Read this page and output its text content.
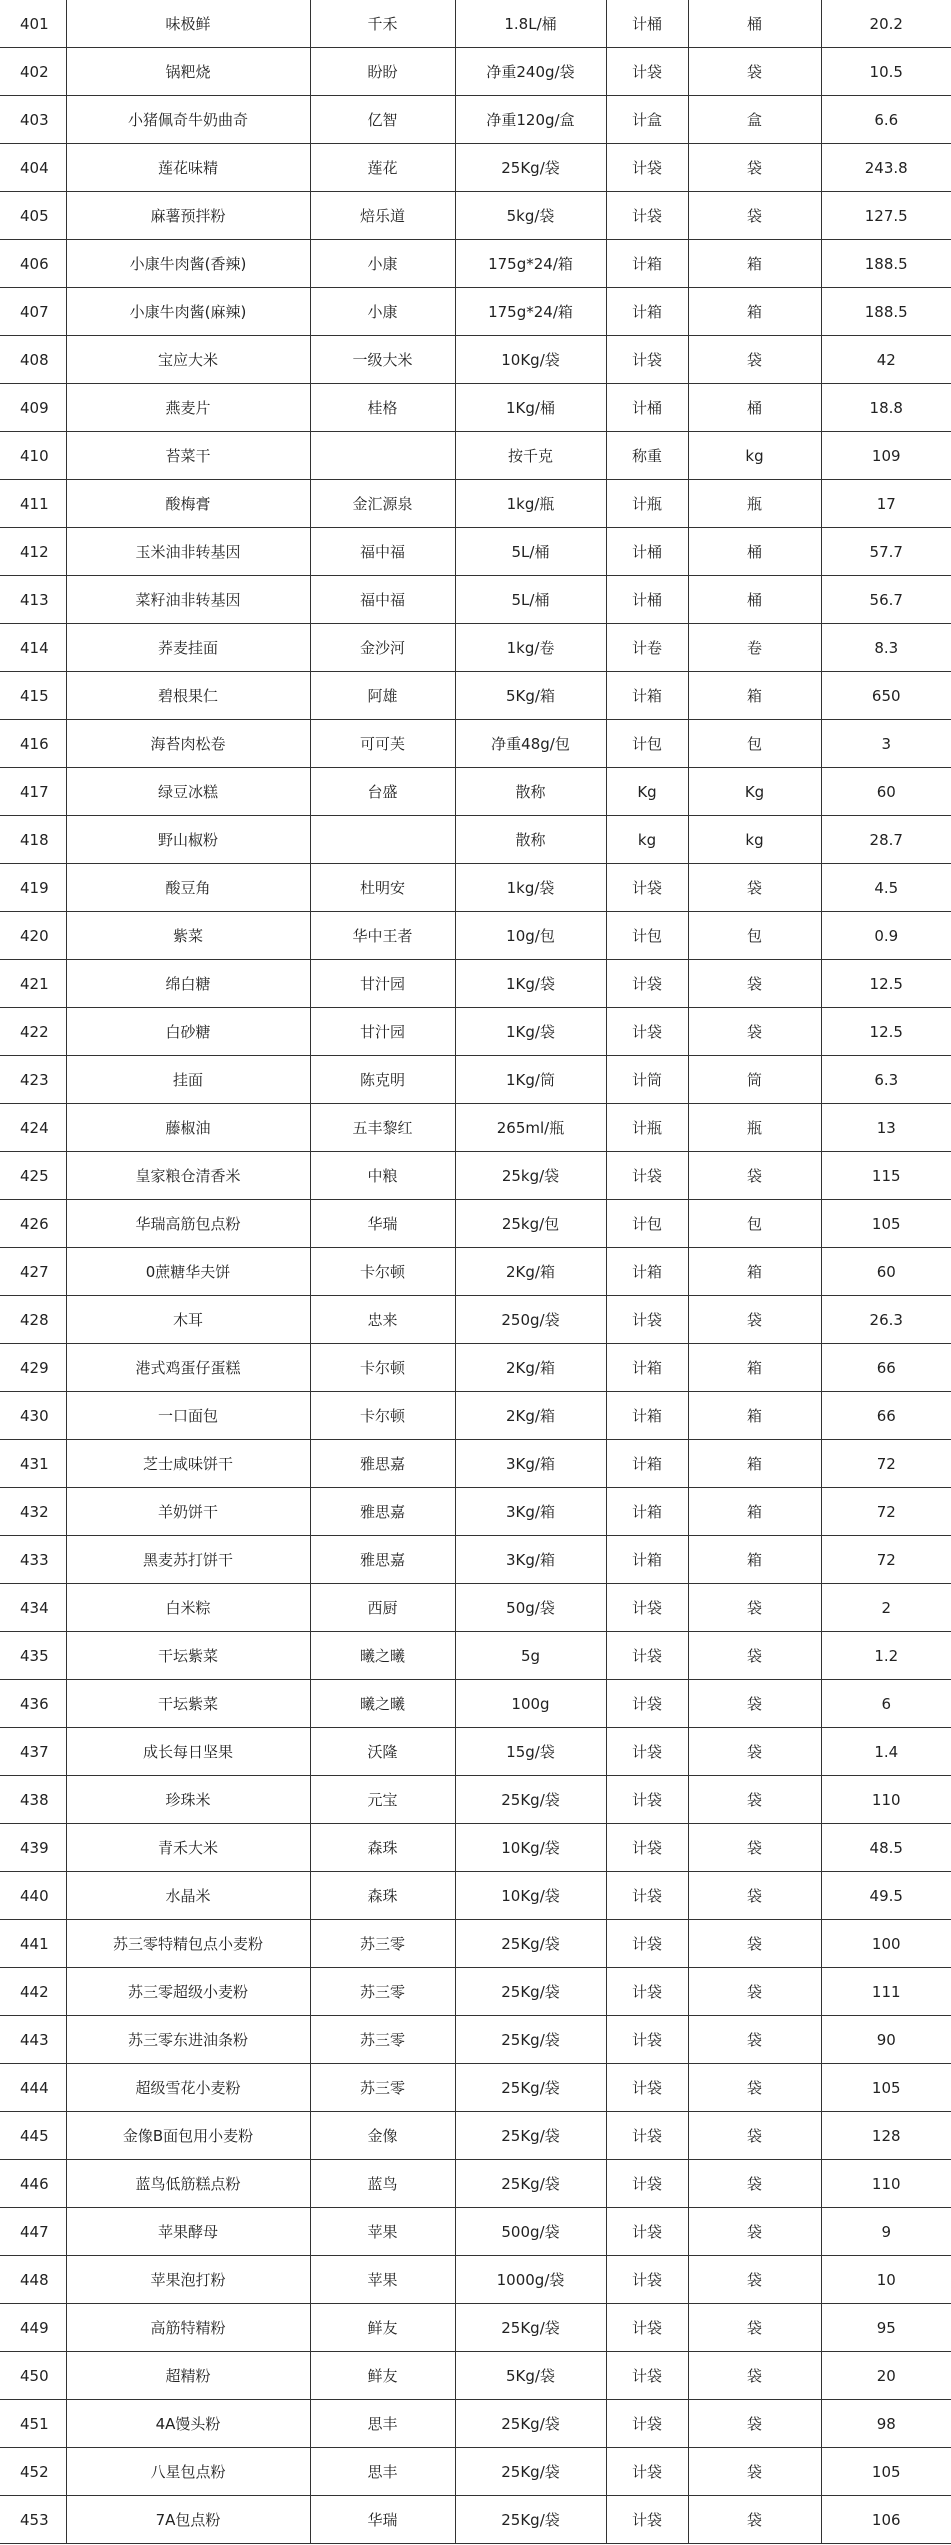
401	味极鲜	千禾	1.8L/桶	计桶	桶	20.2
402	锅粑烧	盼盼	净重240g/袋	计袋	袋	10.5
403	小猪佩奇牛奶曲奇	亿智	净重120g/盒	计盒	盒	6.6
404	莲花味精	莲花	25Kg/袋	计袋	袋	243.8
405	麻薯预拌粉	焙乐道	5kg/袋	计袋	袋	127.5
406	小康牛肉酱(香辣)	小康	175g*24/箱	计箱	箱	188.5
407	小康牛肉酱(麻辣)	小康	175g*24/箱	计箱	箱	188.5
408	宝应大米	一级大米	10Kg/袋	计袋	袋	42
409	燕麦片	桂格	1Kg/桶	计桶	桶	18.8
410	苔菜干		按千克	称重	kg	109
411	酸梅膏	金汇源泉	1kg/瓶	计瓶	瓶	17
412	玉米油非转基因	福中福	5L/桶	计桶	桶	57.7
413	菜籽油非转基因	福中福	5L/桶	计桶	桶	56.7
414	荞麦挂面	金沙河	1kg/卷	计卷	卷	8.3
415	碧根果仁	阿雄	5Kg/箱	计箱	箱	650
416	海苔肉松卷	可可芙	净重48g/包	计包	包	3
417	绿豆冰糕	台盛	散称	Kg	Kg	60
418	野山椒粉		散称	kg	kg	28.7
419	酸豆角	杜明安	1kg/袋	计袋	袋	4.5
420	紫菜	华中王者	10g/包	计包	包	0.9
421	绵白糖	甘汁园	1Kg/袋	计袋	袋	12.5
422	白砂糖	甘汁园	1Kg/袋	计袋	袋	12.5
423	挂面	陈克明	1Kg/筒	计筒	筒	6.3
424	藤椒油	五丰黎红	265ml/瓶	计瓶	瓶	13
425	皇家粮仓清香米	中粮	25kg/袋	计袋	袋	115
426	华瑞高筋包点粉	华瑞	25kg/包	计包	包	105
427	0蔗糖华夫饼	卡尔顿	2Kg/箱	计箱	箱	60
428	木耳	忠来	250g/袋	计袋	袋	26.3
429	港式鸡蛋仔蛋糕	卡尔顿	2Kg/箱	计箱	箱	66
430	一口面包	卡尔顿	2Kg/箱	计箱	箱	66
431	芝士咸味饼干	雅思嘉	3Kg/箱	计箱	箱	72
432	羊奶饼干	雅思嘉	3Kg/箱	计箱	箱	72
433	黑麦苏打饼干	雅思嘉	3Kg/箱	计箱	箱	72
434	白米粽	西厨	50g/袋	计袋	袋	2
435	干坛紫菜	曦之曦	5g	计袋	袋	1.2
436	干坛紫菜	曦之曦	100g	计袋	袋	6
437	成长每日坚果	沃隆	15g/袋	计袋	袋	1.4
438	珍珠米	元宝	25Kg/袋	计袋	袋	110
439	青禾大米	森珠	10Kg/袋	计袋	袋	48.5
440	水晶米	森珠	10Kg/袋	计袋	袋	49.5
441	苏三零特精包点小麦粉	苏三零	25Kg/袋	计袋	袋	100
442	苏三零超级小麦粉	苏三零	25Kg/袋	计袋	袋	111
443	苏三零东进油条粉	苏三零	25Kg/袋	计袋	袋	90
444	超级雪花小麦粉	苏三零	25Kg/袋	计袋	袋	105
445	金像B面包用小麦粉	金像	25Kg/袋	计袋	袋	128
446	蓝鸟低筋糕点粉	蓝鸟	25Kg/袋	计袋	袋	110
447	苹果酵母	苹果	500g/袋	计袋	袋	9
448	苹果泡打粉	苹果	1000g/袋	计袋	袋	10
449	高筋特精粉	鲜友	25Kg/袋	计袋	袋	95
450	超精粉	鲜友	5Kg/袋	计袋	袋	20
451	4A馒头粉	思丰	25Kg/袋	计袋	袋	98
452	八星包点粉	思丰	25Kg/袋	计袋	袋	105
453	7A包点粉	华瑞	25Kg/袋	计袋	袋	106
